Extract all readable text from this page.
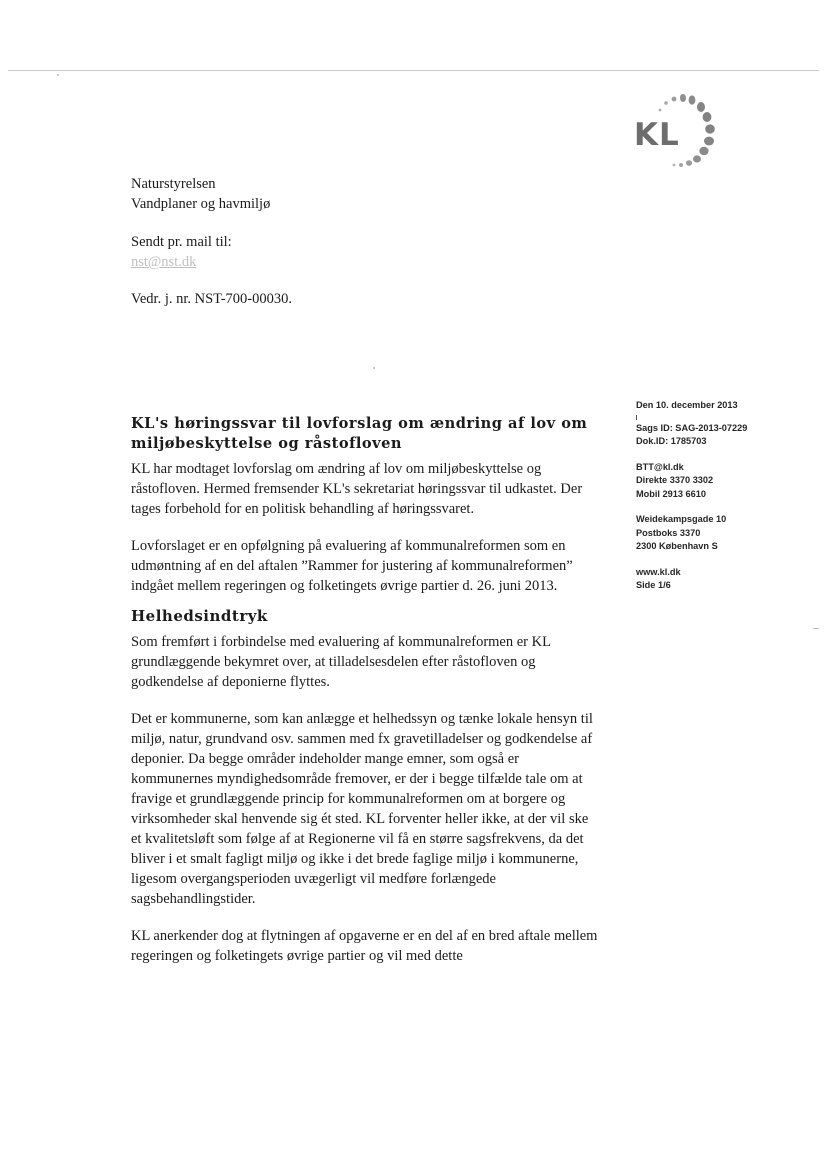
KL
Naturstyrelsen
Vandplaner og havmiljø
Sendt pr. mail til:
nst@nst.dk
Vedr. j. nr. NST-700-00030.
KL's høringssvar til lovforslag om ændring af lov om miljøbeskyttelse og råstofloven
KL har modtaget lovforslag om ændring af lov om miljøbeskyttelse og råstofloven. Hermed fremsender KL's sekretariat høringssvar til udkastet. Der tages forbehold for en politisk behandling af høringssvaret.
Lovforslaget er en opfølgning på evaluering af kommunalreformen som en udmøntning af en del aftalen ”Rammer for justering af kommunalreformen” indgået mellem regeringen og folketingets øvrige partier d. 26. juni 2013.
Helhedsindtryk
Som fremført i forbindelse med evaluering af kommunalreformen er KL grundlæggende bekymret over, at tilladelsesdelen efter råstofloven og godkendelse af deponierne flyttes.
Det er kommunerne, som kan anlægge et helhedssyn og tænke lokale hensyn til miljø, natur, grundvand osv. sammen med fx gravetilladelser og godkendelse af deponier. Da begge områder indeholder mange emner, som også er kommunernes myndighedsområde fremover, er der i begge tilfælde tale om at fravige et grundlæggende princip for kommunalreformen om at borgere og virksomheder skal henvende sig ét sted. KL forventer heller ikke, at der vil ske et kvalitetsløft som følge af at Regionerne vil få en større sagsfrekvens, da det bliver i et smalt fagligt miljø og ikke i det brede faglige miljø i kommunerne, ligesom overgangsperioden uvægerligt vil medføre forlængede sagsbehandlingstider.
KL anerkender dog at flytningen af opgaverne er en del af en bred aftale mellem regeringen og folketingets øvrige partier og vil med dette
Den 10. december 2013
Sags ID: SAG-2013-07229
Dok.ID: 1785703
BTT@kl.dk
Direkte 3370 3302
Mobil 2913 6610
Weidekampsgade 10
Postboks 3370
2300 København S
www.kl.dk
Side 1/6
